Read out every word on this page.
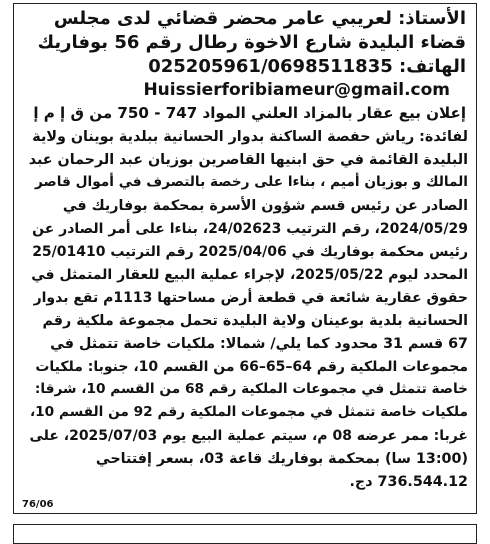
الأستاذ: لعريبي عامر محضر قضائي لدى مجلس
قضاء البليدة شارع الاخوة رطال رقم 56 بوفاريك
الهاتف: 025205961/0698511835
Huissierforibiameur@gmail.com
إعلان بيع عقار بالمزاد العلني المواد 747 - 750 من ق إ م إ
لفائدة: رياش حفصة الساكنة بدوار الحسانية ببلدية بوينان ولاية
البليدة القائمة في حق ابنيها القاصرين بوزيان عبد الرحمان عبد
المالك و بوزيان أميم ، بناءا على رخصة بالتصرف في أموال قاصر
الصادر عن رئيس قسم شؤون الأسرة بمحكمة بوفاريك في
2024/05/29، رقم الترتيب 24/02623، بناءا على أمر الصادر عن
رئيس محكمة بوفاريك في 2025/04/06 رقم الترتيب 25/01410
المحدد ليوم 2025/05/22، لإجراء عملية البيع للعقار المتمثل في
حقوق عقارية شائعة في قطعة أرض مساحتها 1113م تقع بدوار
الحسانية بلدية بوعينان ولاية البليدة تحمل مجموعة ملكية رقم
67 قسم 31 محدود كما يلي/ شمالا: ملكيات خاصة تتمثل في
مجموعات الملكية رقم 64–65–66 من القسم 10، جنوبا: ملكيات
خاصة تتمثل في مجموعات الملكية رقم 68 من القسم 10، شرقا:
ملكيات خاصة تتمثل في مجموعات الملكية رقم 92 من القسم 10،
غربا: ممر عرضه 08 م، سيتم عملية البيع يوم 2025/07/03، على
(13:00 سا) بمحكمة بوفاريك قاعة 03، بسعر إفتتاحي
736.544.12 دج.
76/06
